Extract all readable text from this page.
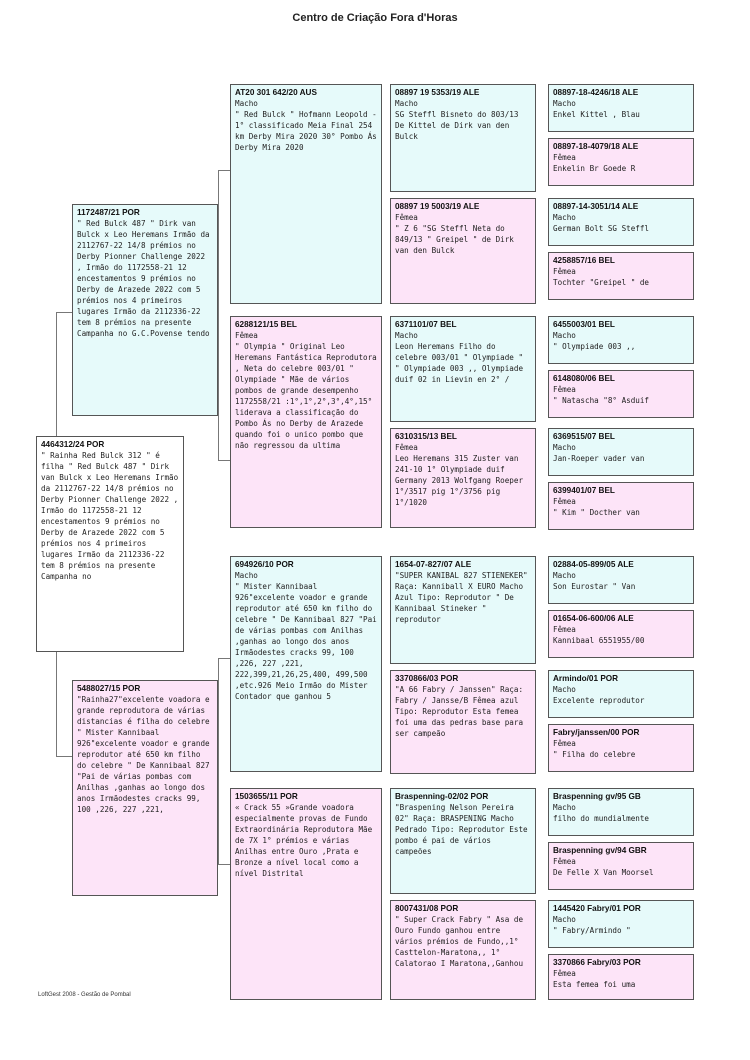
Centro de Criação Fora d'Horas
4464312/24 POR
" Rainha Red Bulck 312 " é filha " Red Bulck 487 " Dirk van Bulck x Leo Heremans Irmão da 2112767-22 14/8 prémios no Derby Pionner Challenge 2022 , Irmão do 1172558-21 12 encestamentos 9 prémios no Derby de Arazede 2022 com 5 prémios nos 4 primeiros lugares Irmão da 2112336-22 tem 8 prémios na presente Campanha no
1172487/21 POR
" Red Bulck 487 " Dirk van Bulck x Leo Heremans Irmão da 2112767-22 14/8 prémios no Derby Pionner Challenge 2022 , Irmão do 1172558-21 12 encestamentos 9 prémios no Derby de Arazede 2022 com 5 prémios nos 4 primeiros lugares Irmão da 2112336-22 tem 8 prémios na presente Campanha no G.C.Povense tendo
5488027/15 POR
"Rainha27"excelente voadora e grande reprodutora de várias distancias é filha do celebre " Mister Kannibaal 926"excelente voador e grande reprodutor até 650 km filho do celebre " De Kannibaal 827 "Pai de várias pombas com Anilhas ,ganhas ao longo dos anos Irmãodestes cracks 99, 100 ,226, 227 ,221,
AT20 301 642/20 AUS
Macho
" Red Bulck " Hofmann Leopold - 1° classificado Meia Final 254 km Derby Mira 2020 30° Pombo Ás Derby Mira 2020
6288121/15 BEL
Fêmea
" Olympia " Original Leo Heremans Fantástica Reprodutora , Neta do celebre 003/01 " Olympiade " Mãe de vários pombos de grande desempenho 1172558/21 :1°,1°,2°,3°,4°,15° liderava a classificação do Pombo Ás no Derby de Arazede quando foi o unico pombo que não regressou da ultima
694926/10 POR
Macho
" Mister Kannibaal 926"excelente voador e grande reprodutor até 650 km filho do celebre " De Kannibaal 827 "Pai de várias pombas com Anilhas ,ganhas ao longo dos anos Irmãodestes cracks 99, 100 ,226, 227 ,221, 222,399,21,26,25,400, 499,500 ,etc.926 Meio Irmão do Mister Contador que ganhou 5
1503655/11 POR
« Crack 55 »Grande voadora especialmente provas de Fundo Extraordinária Reprodutora Mãe de 7X 1° prémios e várias Anilhas entre Ouro ,Prata e Bronze a nível local como a nível Distrital
08897 19 5353/19 ALE
Macho
SG Steffl Bisneto do 803/13 De Kittel de Dirk van den Bulck
08897 19 5003/19 ALE
Fêmea
" Z 6 "SG Steffl Neta do 849/13 " Greipel " de Dirk van den Bulck
6371101/07 BEL
Macho
Leon Heremans Filho do celebre 003/01 " Olympiade " " Olympiade 003 ,, Olympiade duif 02 in Lievin en 2° /
6310315/13 BEL
Fêmea
Leo Heremans 315 Zuster van 241-10 1° Olympiade duif Germany 2013 Wolfgang Roeper 1°/3517 pig 1°/3756 pig 1°/1020
1654-07-827/07 ALE
"SUPER KANIBAL 827 STIENEKER" Raça: Kanniball X EURO Macho Azul Tipo: Reprodutor " De Kannibaal Stineker " reprodutor
3370866/03 POR
"A 66 Fabry / Janssen" Raça: Fabry / Jansse/B Fêmea azul Tipo: Reprodutor Esta femea foi uma das pedras base para ser campeão
Braspenning-02/02 POR
"Braspening Nelson Pereira 02" Raça: BRASPENING Macho Pedrado Tipo: Reprodutor Este pombo é pai de vários campeões
8007431/08 POR
" Super Crack Fabry " Asa de Ouro Fundo ganhou entre vários prémios de Fundo,,1° Casttelon-Maratona,, 1° Calatorao I Maratona,,Ganhou
08897-18-4246/18 ALE
Macho
Enkel Kittel , Blau
08897-18-4079/18 ALE
Fêmea
Enkelin Br Goede R
08897-14-3051/14 ALE
Macho
German Bolt SG Steffl
4258857/16 BEL
Fêmea
Tochter "Greipel " de
6455003/01 BEL
Macho
" Olympiade 003 ,,
6148080/06 BEL
Fêmea
" Natascha "8° Asduif
6369515/07 BEL
Macho
Jan-Roeper vader van
6399401/07 BEL
Fêmea
" Kim " Docther van
02884-05-899/05 ALE
Macho
Son Eurostar " Van
01654-06-600/06 ALE
Fêmea
Kannibaal 6551955/00
Armindo/01 POR
Macho
Excelente reprodutor
Fabry/janssen/00 POR
Fêmea
" Filha do celebre
Braspenning gv/95 GB
Macho
filho do mundialmente
Braspenning gv/94 GBR
Fêmea
De Felle X Van Moorsel
1445420 Fabry/01 POR
Macho
" Fabry/Armindo "
3370866 Fabry/03 POR
Fêmea
Esta femea foi uma
LoftGest 2008 - Gestão de Pombal
